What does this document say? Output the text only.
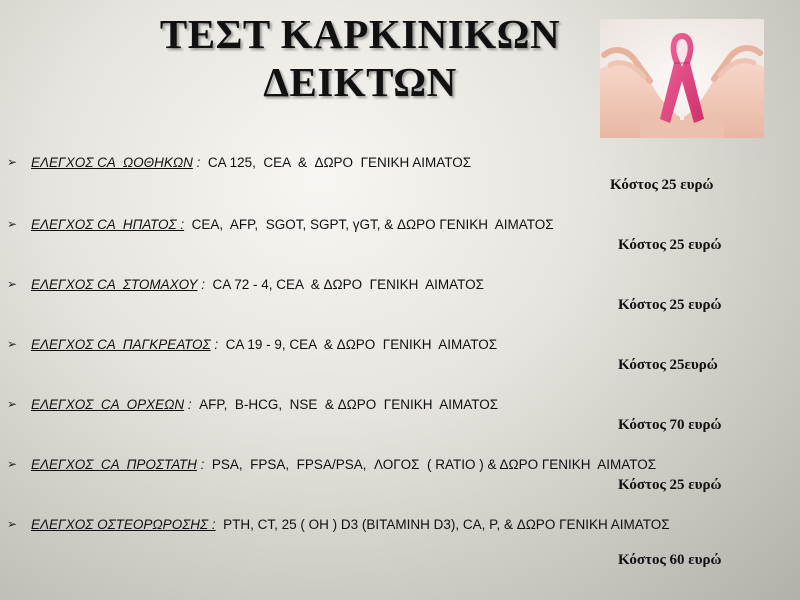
ΤΕΣΤ ΚΑΡΚΙΝΙΚΩΝ
ΔΕΙΚΤΩΝ
➢ ΕΛΕΓΧΟΣ CA  ΩΟΘΗΚΩΝ :  CA 125,  CEA  &  ΔΩΡΟ  ΓΕΝΙΚΗ ΑΙΜΑΤΟΣ
Κόστος 25 ευρώ
➢ ΕΛΕΓΧΟΣ CA  ΗΠΑΤΟΣ : CEA,  AFP,  SGOT, SGPT, γGT, & ΔΩΡΟ ΓΕΝΙΚΗ  ΑΙΜΑΤΟΣ
Κόστος 25 ευρώ
➢ ΕΛΕΓΧΟΣ CA  ΣΤΟΜΑΧΟΥ :  CA 72 - 4, CEA  & ΔΩΡΟ  ΓΕΝΙΚΗ  ΑΙΜΑΤΟΣ
Κόστος 25 ευρώ
➢ ΕΛΕΓΧΟΣ CA  ΠΑΓΚΡΕΑΤΟΣ :  CA 19 - 9, CEA  & ΔΩΡΟ  ΓΕΝΙΚΗ  ΑΙΜΑΤΟΣ
Κόστος 25ευρώ
➢ ΕΛΕΓΧΟΣ  CA  ΟΡΧΕΩΝ :  AFP,  B-HCG,  NSE  & ΔΩΡΟ  ΓΕΝΙΚΗ  ΑΙΜΑΤΟΣ
Κόστος 70 ευρώ
➢ ΕΛΕΓΧΟΣ  CA  ΠΡΟΣΤΑΤΗ :  PSA,  FPSA,  FPSA/PSA,  ΛΟΓΟΣ  ( RATIO ) & ΔΩΡΟ ΓΕΝΙΚΗ  ΑΙΜΑΤΟΣ
Κόστος 25 ευρώ
➢ ΕΛΕΓΧΟΣ ΟΣΤΕΟΡΩΡΟΣΗΣ : PTH, CT, 25 ( OH ) D3 (ΒΙΤΑΜΙΝΗ D3), CA, P, & ΔΩΡΟ ΓΕΝΙΚΗ ΑΙΜΑΤΟΣ
Κόστος 60 ευρώ
